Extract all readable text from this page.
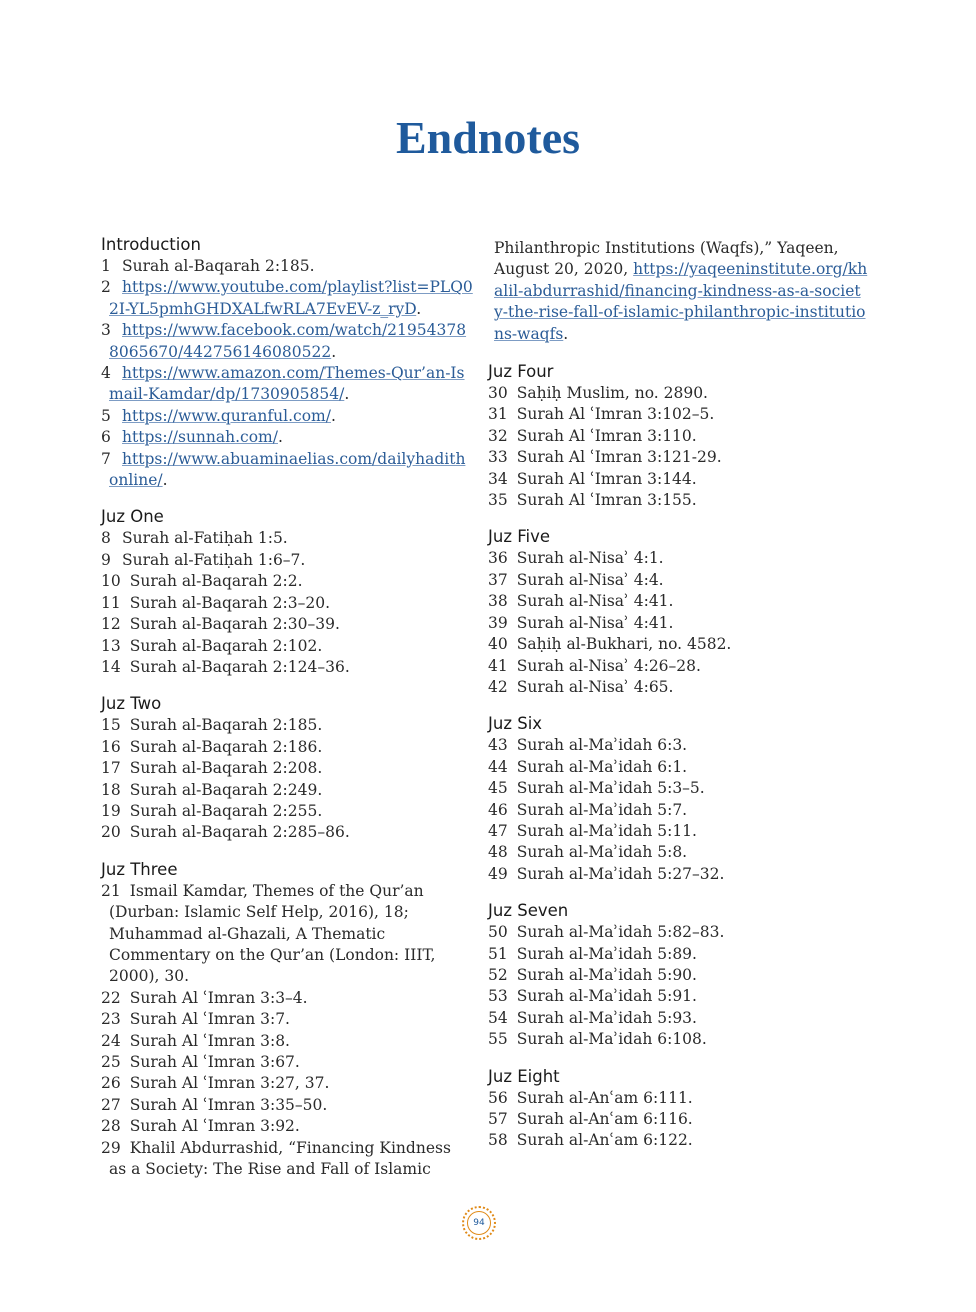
Endnotes
Introduction

1 Surah al-Baqarah 2:185.

2 https://www.youtube.com/playlist?list=PLQ02I-YL5pmhGHDXALfwRLA7EvEV-z_ryD.

3 https://www.facebook.com/watch/219543788065670/442756146080522.

4 https://www.amazon.com/Themes-Qur’an-Ismail-Kamdar/dp/1730905854/.

5 https://www.quranful.com/.

6 https://sunnah.com/.

7 https://www.abuaminaelias.com/dailyhadithonline/.

Juz One

8 Surah al-Fatiḥah 1:5.

9 Surah al-Fatiḥah 1:6–7.

10 Surah al-Baqarah 2:2.

11 Surah al-Baqarah 2:3–20.

12 Surah al-Baqarah 2:30–39.

13 Surah al-Baqarah 2:102.

14 Surah al-Baqarah 2:124–36.

Juz Two

15 Surah al-Baqarah 2:185.

16 Surah al-Baqarah 2:186.

17 Surah al-Baqarah 2:208.

18 Surah al-Baqarah 2:249.

19 Surah al-Baqarah 2:255.

20 Surah al-Baqarah 2:285–86.

Juz Three

21 Ismail Kamdar, Themes of the Qur’an (Durban: Islamic Self Help, 2016), 18; Muhammad al-Ghazali, A Thematic Commentary on the Qur’an (London: IIIT, 2000), 30.

22 Surah Al ʿImran 3:3–4.

23 Surah Al ʿImran 3:7.

24 Surah Al ʿImran 3:8.

25 Surah Al ʿImran 3:67.

26 Surah Al ʿImran 3:27, 37.

27 Surah Al ʿImran 3:35–50.

28 Surah Al ʿImran 3:92.

29 Khalil Abdurrashid, “Financing Kindness as a Society: The Rise and Fall of Islamic

Philanthropic Institutions (Waqfs),” Yaqeen, August 20, 2020, https://yaqeeninstitute.org/khalil-abdurrashid/financing-kindness-as-a-society-the-rise-fall-of-islamic-philanthropic-institutions-waqfs.

Juz Four

30 Saḥiḥ Muslim, no. 2890.

31 Surah Al ʿImran 3:102–5.

32 Surah Al ʿImran 3:110.

33 Surah Al ʿImran 3:121-29.

34 Surah Al ʿImran 3:144.

35 Surah Al ʿImran 3:155.

Juz Five

36 Surah al-Nisaʾ 4:1.

37 Surah al-Nisaʾ 4:4.

38 Surah al-Nisaʾ 4:41.

39 Surah al-Nisaʾ 4:41.

40 Saḥiḥ al-Bukhari, no. 4582.

41 Surah al-Nisaʾ 4:26–28.

42 Surah al-Nisaʾ 4:65.

Juz Six

43 Surah al-Maʾidah 6:3.

44 Surah al-Maʾidah 6:1.

45 Surah al-Maʾidah 5:3–5.

46 Surah al-Maʾidah 5:7.

47 Surah al-Maʾidah 5:11.

48 Surah al-Maʾidah 5:8.

49 Surah al-Maʾidah 5:27–32.

Juz Seven

50 Surah al-Maʾidah 5:82–83.

51 Surah al-Maʾidah 5:89.

52 Surah al-Maʾidah 5:90.

53 Surah al-Maʾidah 5:91.

54 Surah al-Maʾidah 5:93.

55 Surah al-Maʾidah 6:108.

Juz Eight

56 Surah al-Anʿam 6:111.

57 Surah al-Anʿam 6:116.

58 Surah al-Anʿam 6:122.

94
